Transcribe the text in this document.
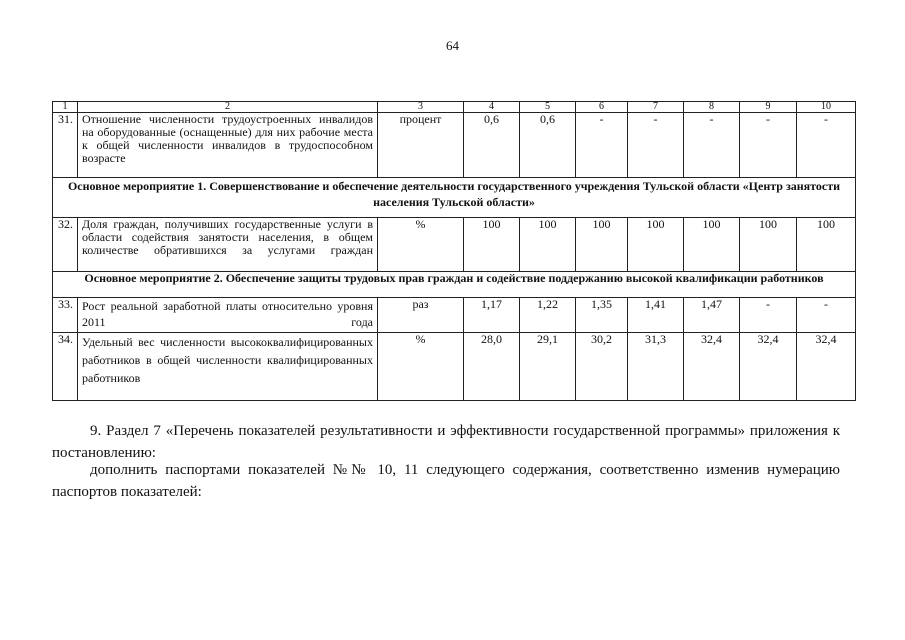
64
1	2	3	4	5	6	7	8	9	10
31.	Отношение численности трудоустроенных инвалидов на оборудованные (оснащенные) для них рабочие места к общей численности инвалидов в трудоспособном возрасте	процент	0,6	0,6	-	-	-	-	-
Основное мероприятие 1. Совершенствование и обеспечение деятельности государственного учреждения Тульской области «Центр занятости населения Тульской области»									
32.	Доля граждан, получивших государственные услуги в области содействия занятости населения, в общем количестве обратившихся за услугами граждан	%	100	100	100	100	100	100	100
Основное мероприятие 2. Обеспечение защиты трудовых прав граждан и содействие поддержанию высокой квалификации работников									
33.	Рост реальной заработной платы относительно уровня 2011 года	раз	1,17	1,22	1,35	1,41	1,47	-	-
34.	Удельный вес численности высококвалифицированных работников в общей численности квалифицированных работников	%	28,0	29,1	30,2	31,3	32,4	32,4	32,4
9. Раздел 7 «Перечень показателей результативности и эффективности государственной программы» приложения к постановлению:
дополнить паспортами показателей №№ 10, 11 следующего содержания, соответственно изменив нумерацию паспортов показателей:
